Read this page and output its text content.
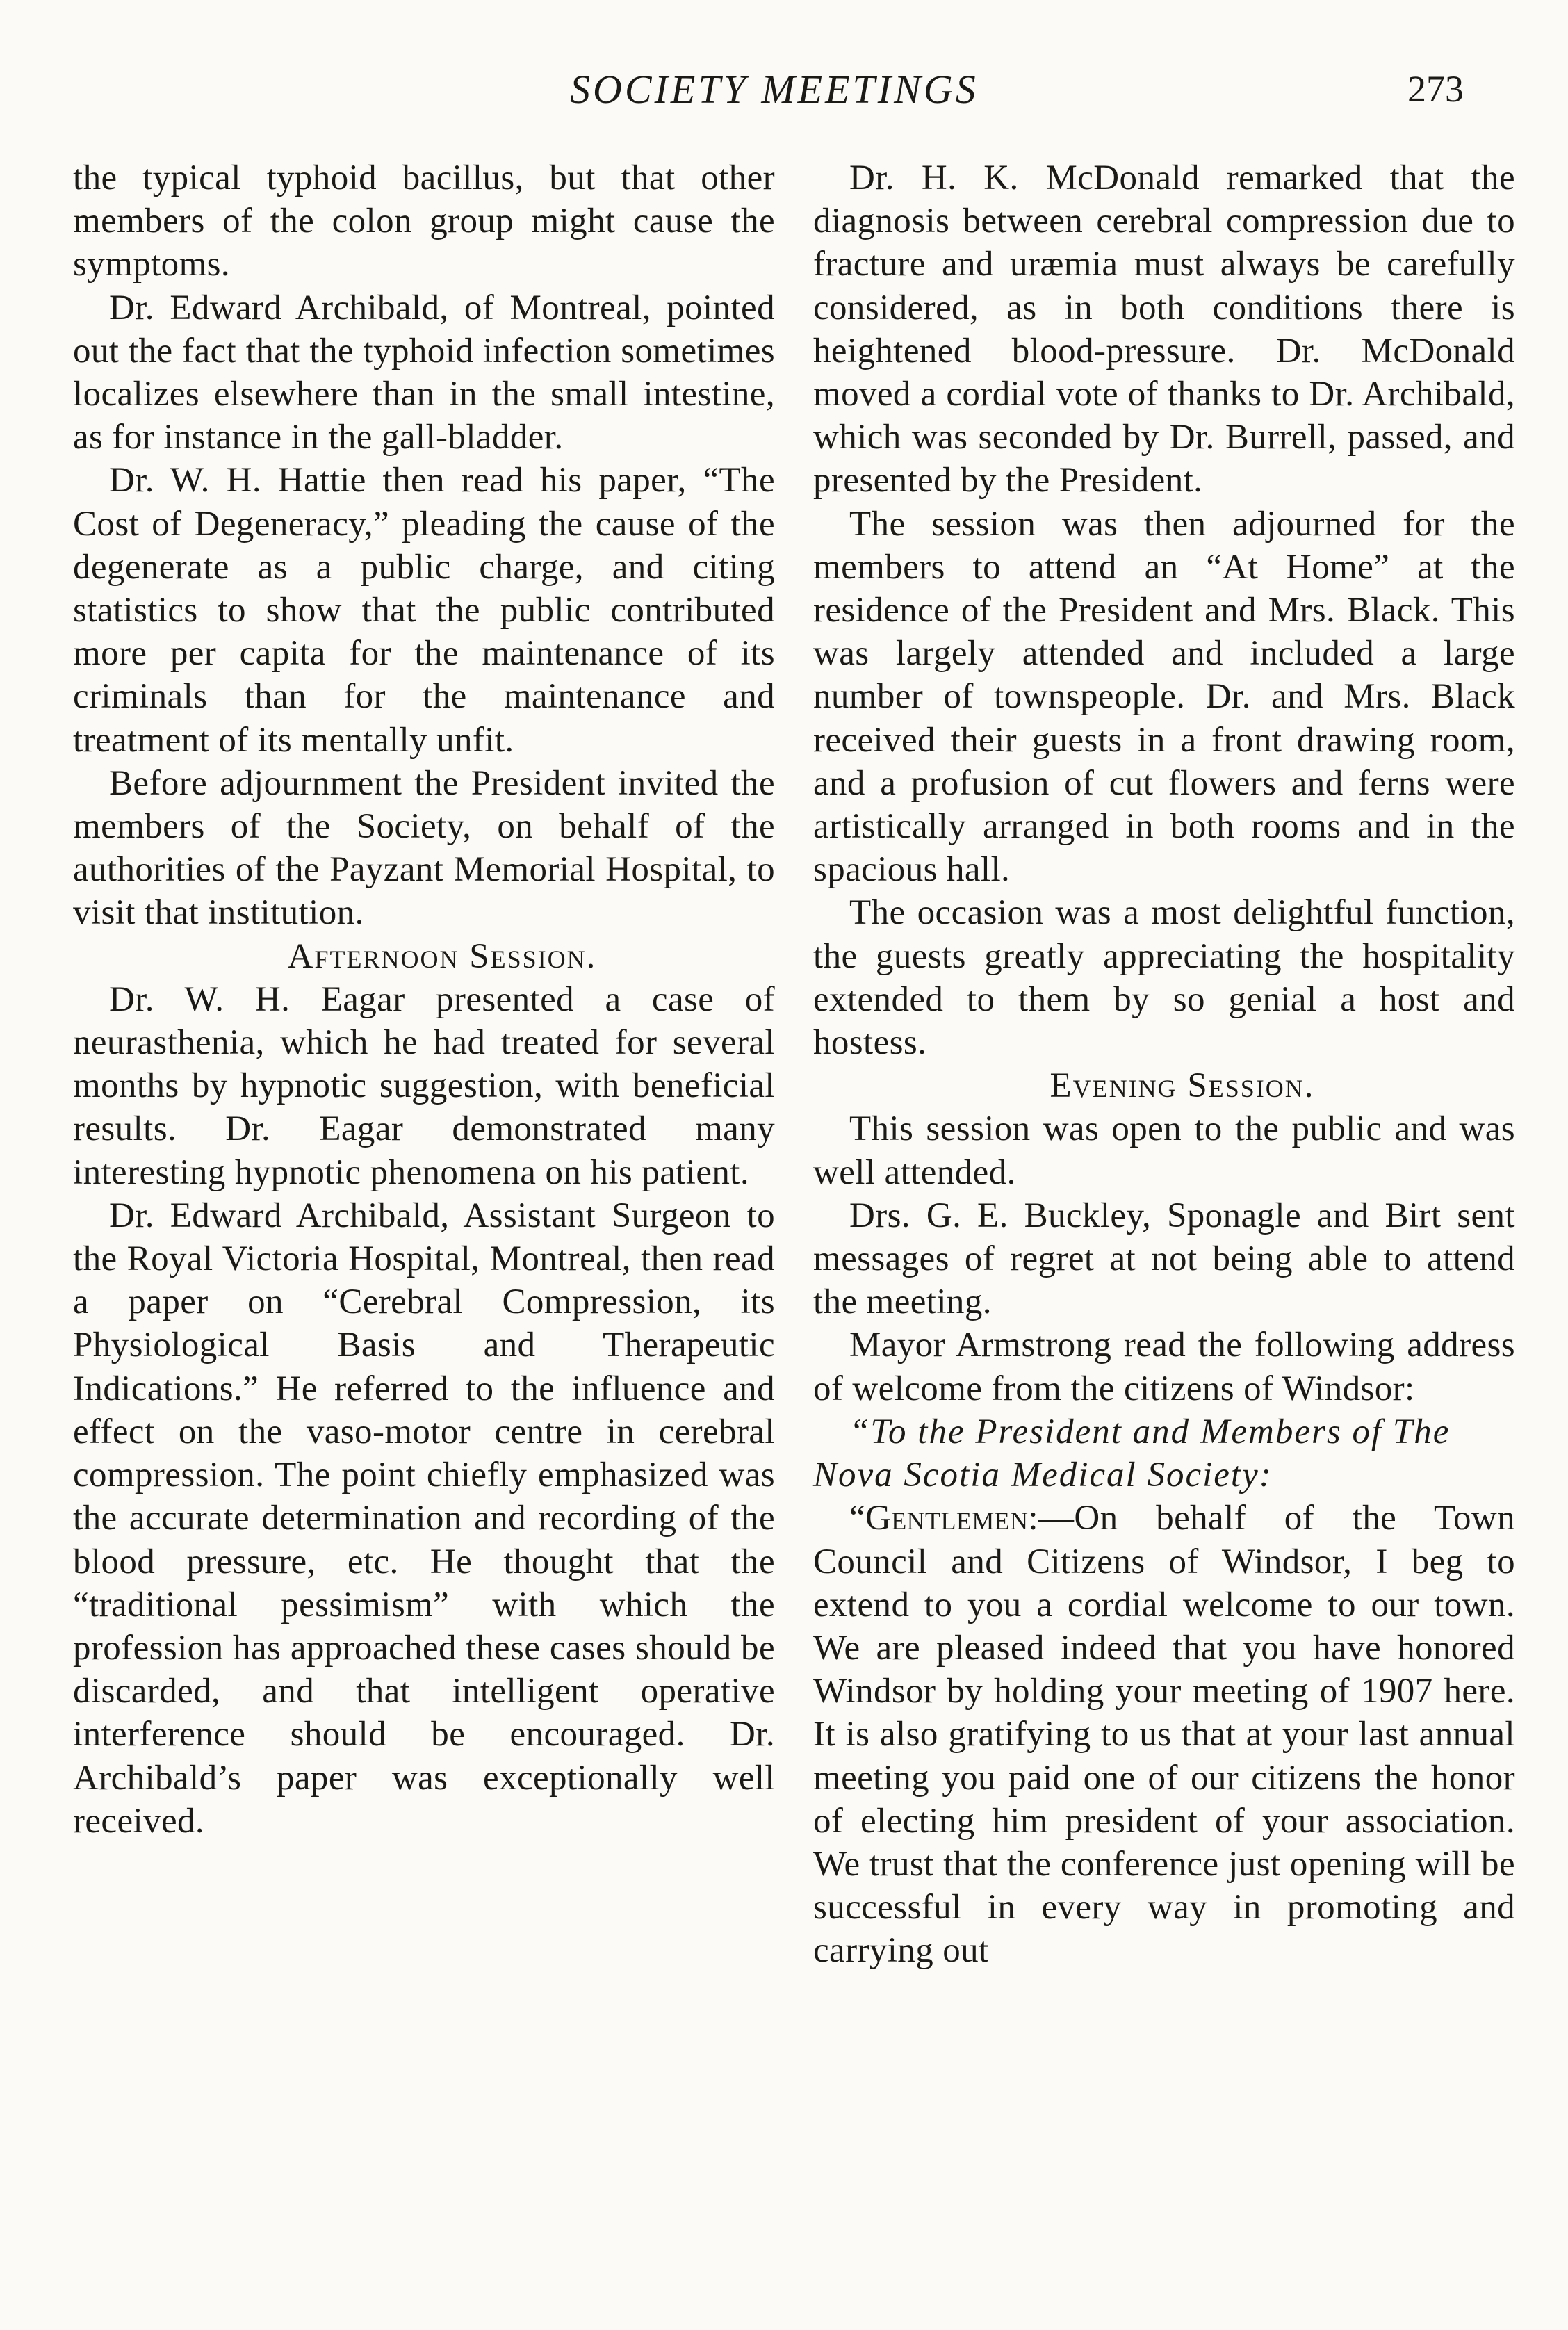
SOCIETY MEETINGS	273

the typical typhoid bacillus, but that other members of the colon group might cause the symptoms.

Dr. Edward Archibald, of Montreal, pointed out the fact that the typhoid infection sometimes localizes elsewhere than in the small intestine, as for instance in the gall-bladder.

Dr. W. H. Hattie then read his paper, “The Cost of Degeneracy,” pleading the cause of the degenerate as a public charge, and citing statistics to show that the public contributed more per capita for the maintenance of its criminals than for the maintenance and treatment of its mentally unfit.

Before adjournment the President invited the members of the Society, on behalf of the authorities of the Payzant Memorial Hospital, to visit that institution.

Afternoon Session.

Dr. W. H. Eagar presented a case of neurasthenia, which he had treated for several months by hypnotic suggestion, with beneficial results. Dr. Eagar demonstrated many interesting hypnotic phenomena on his patient.

Dr. Edward Archibald, Assistant Surgeon to the Royal Victoria Hospital, Montreal, then read a paper on “Cerebral Compression, its Physiological Basis and Therapeutic Indications.” He referred to the influence and effect on the vaso-motor centre in cerebral compression. The point chiefly emphasized was the accurate determination and recording of the blood pressure, etc. He thought that the “traditional pessimism” with which the profession has approached these cases should be discarded, and that intelligent operative interference should be encouraged. Dr. Archibald’s paper was exceptionally well received.

Dr. H. K. McDonald remarked that the diagnosis between cerebral compression due to fracture and uræmia must always be carefully considered, as in both conditions there is heightened blood-pressure. Dr. McDonald moved a cordial vote of thanks to Dr. Archibald, which was seconded by Dr. Burrell, passed, and presented by the President.

The session was then adjourned for the members to attend an “At Home” at the residence of the President and Mrs. Black. This was largely attended and included a large number of townspeople. Dr. and Mrs. Black received their guests in a front drawing room, and a profusion of cut flowers and ferns were artistically arranged in both rooms and in the spacious hall.

The occasion was a most delightful function, the guests greatly appreciating the hospitality extended to them by so genial a host and hostess.

Evening Session.

This session was open to the public and was well attended.

Drs. G. E. Buckley, Sponagle and Birt sent messages of regret at not being able to attend the meeting.

Mayor Armstrong read the following address of welcome from the citizens of Windsor:

“To the President and Members of The Nova Scotia Medical Society:

“Gentlemen:—On behalf of the Town Council and Citizens of Windsor, I beg to extend to you a cordial welcome to our town. We are pleased indeed that you have honored Windsor by holding your meeting of 1907 here. It is also gratifying to us that at your last annual meeting you paid one of our citizens the honor of electing him president of your association. We trust that the conference just opening will be successful in every way in promoting and carrying out
